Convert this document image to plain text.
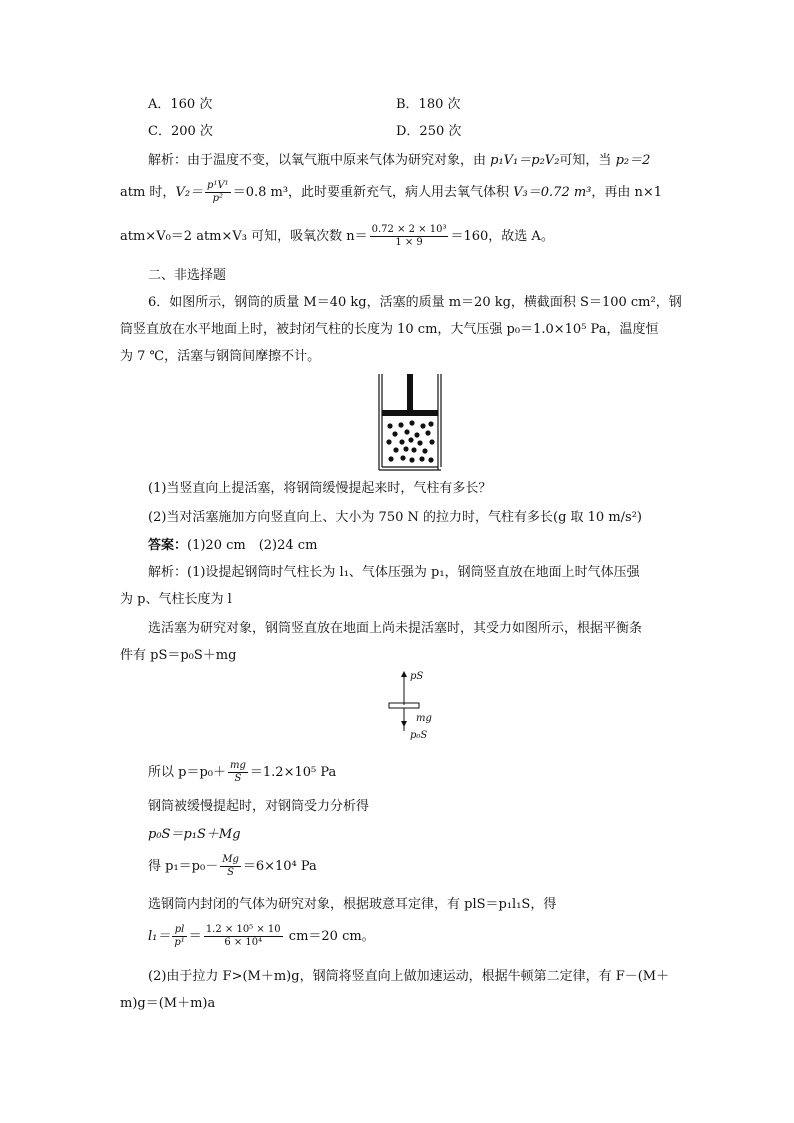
A．160 次	B．180 次
C．200 次	D．250 次
解析：由于温度不变，以氧气瓶中原来气体为研究对象，由 p₁V₁＝p₂V₂可知，当 p₂＝2
atm 时，$V_2= \frac{\text{p¹V¹}}{\text{p²}} =0.8$ m³，此时要重新充气，病人用去氧气体积 V₃＝0.72 m³，再由 n×1
atm×V₀＝2 atm×V₃ 可知，吸氧次数 $n= \frac{\text{0.72 × 2 × 10³}}{1 \times 9} =160$，故选 A。
二、非选择题
6．如图所示，钢筒的质量 M＝40 kg，活塞的质量 m＝20 kg，横截面积 S＝100 cm²，钢
筒竖直放在水平地面上时，被封闭气柱的长度为 10 cm，大气压强 p₀＝1.0×10⁵ Pa，温度恒
为 7 ℃，活塞与钢筒间摩擦不计。
(1)当竖直向上提活塞，将钢筒缓慢提起来时，气柱有多长？
(2)当对活塞施加方向竖直向上、大小为 750 N 的拉力时，气柱有多长(g 取 10 m/s²)
答案：(1)20 cm　(2)24 cm
解析：(1)设提起钢筒时气柱长为 l₁、气体压强为 p₁，钢筒竖直放在地面上时气体压强
为 p、气柱长度为 l
选活塞为研究对象，钢筒竖直放在地面上尚未提活塞时，其受力如图所示，根据平衡条
件有 pS＝p₀S＋mg
pS
mg
p₀S
所以 $p=p_0+ \frac{mg}{S} =1.2\times 10^5$ Pa
钢筒被缓慢提起时，对钢筒受力分析得
p₀S＝p₁S＋Mg
得 $p_1=p_0- \frac{Mg}{S} =6\times 10^4$ Pa
选钢筒内封闭的气体为研究对象，根据玻意耳定律，有 plS＝p₁l₁S，得
$l_1= \frac{pl}{\text{p¹}} = \frac{\text{1.2 × 10⁵ × 10}}{\text{6 × 10⁴}} cm=20$ cm。
(2)由于拉力 F>(M＋m)g，钢筒将竖直向上做加速运动，根据牛顿第二定律，有 F－(M＋
m)g＝(M＋m)a
